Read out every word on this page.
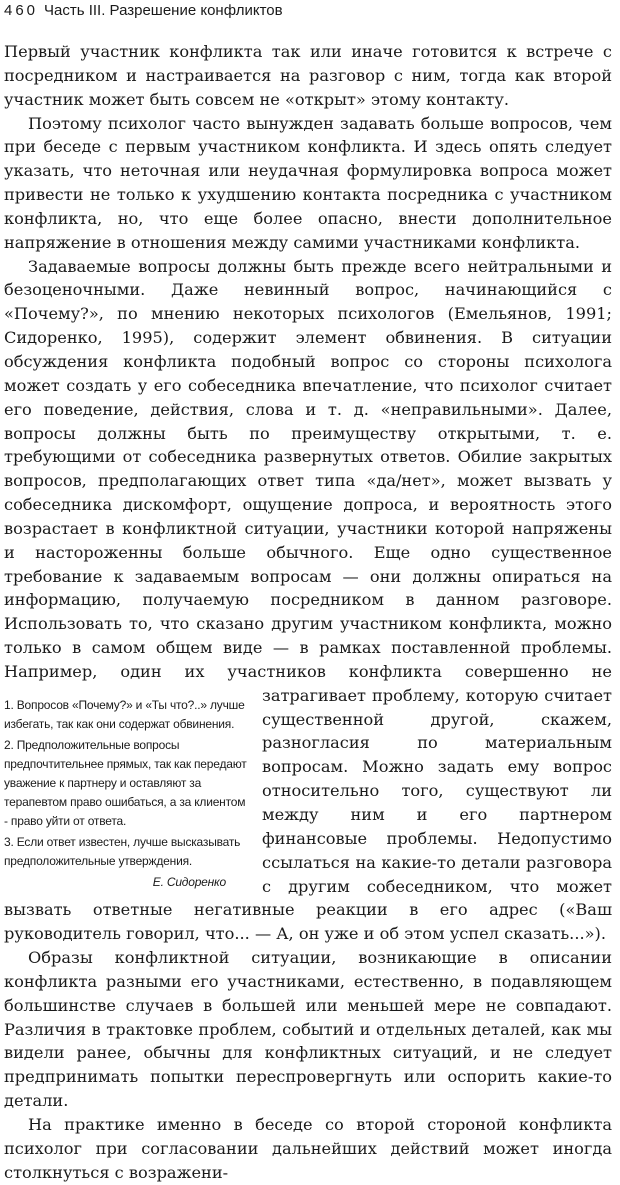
460 Часть III. Разрешение конфликтов

Первый участник конфликта так или иначе готовится к встрече с посредником и настраивается на разговор с ним, тогда как второй участник может быть совсем не «открыт» этому контакту.

Поэтому психолог часто вынужден задавать больше вопросов, чем при беседе с первым участником конфликта. И здесь опять следует указать, что неточная или неудачная формулировка вопроса может привести не только к ухудшению контакта посредника с участником конфликта, но, что еще более опасно, внести дополнительное напряжение в отношения между самими участниками конфликта.

Задаваемые вопросы должны быть прежде всего нейтральными и безоценочными. Даже невинный вопрос, начинающийся с «Почему?», по мнению некоторых психологов (Емельянов, 1991; Сидоренко, 1995), содержит элемент обвинения. В ситуации обсуждения конфликта подобный вопрос со стороны психолога может создать у его собеседника впечатление, что психолог считает его поведение, действия, слова и т. д. «неправильными». Далее, вопросы должны быть по преимуществу открытыми, т. е. требующими от собеседника развернутых ответов. Обилие закрытых вопросов, предполагающих ответ типа «да/нет», может вызвать у собеседника дискомфорт, ощущение допроса, и вероятность этого возрастает в конфликтной ситуации, участники которой напряжены и настороженны больше обычного. Еще одно существенное требование к задаваемым вопросам — они должны опираться на информацию, получаемую посредником в данном разговоре. Использовать то, что сказано другим участником конфликта, можно только в самом общем виде — в рамках поставленной проблемы. Например, один их участников конфликта
1. Вопросов «Почему?» и «Ты что?..» лучше избегать, так как они содержат обвинения.
2. Предположительные вопросы предпочтительнее прямых, так как передают уважение к партнеру и оставляют за терапевтом право ошибаться, а за клиентом - право уйти от ответа.
3. Если ответ известен, лучше высказывать предположительные утверждения.
Е. Сидоренко
совершенно не затрагивает проблему, которую считает существенной другой, скажем, разногласия по материальным вопросам. Можно задать ему вопрос относительно того, существуют ли между ним и его партнером финансовые проблемы. Недопустимо ссылаться на какие-то детали разговора с другим собеседником, что может вызвать ответные негативные реакции в его адрес («Ваш руководитель говорил, что... — А, он уже и об этом успел сказать...»).

Образы конфликтной ситуации, возникающие в описании конфликта разными его участниками, естественно, в подавляющем большинстве случаев в большей или меньшей мере не совпадают. Различия в трактовке проблем, событий и отдельных деталей, как мы видели ранее, обычны для конфликтных ситуаций, и не следует предпринимать попытки переспровергнуть или оспорить какие-то детали.

На практике именно в беседе со второй стороной конфликта психолог при согласовании дальнейших действий может иногда столкнуться с возражени-
